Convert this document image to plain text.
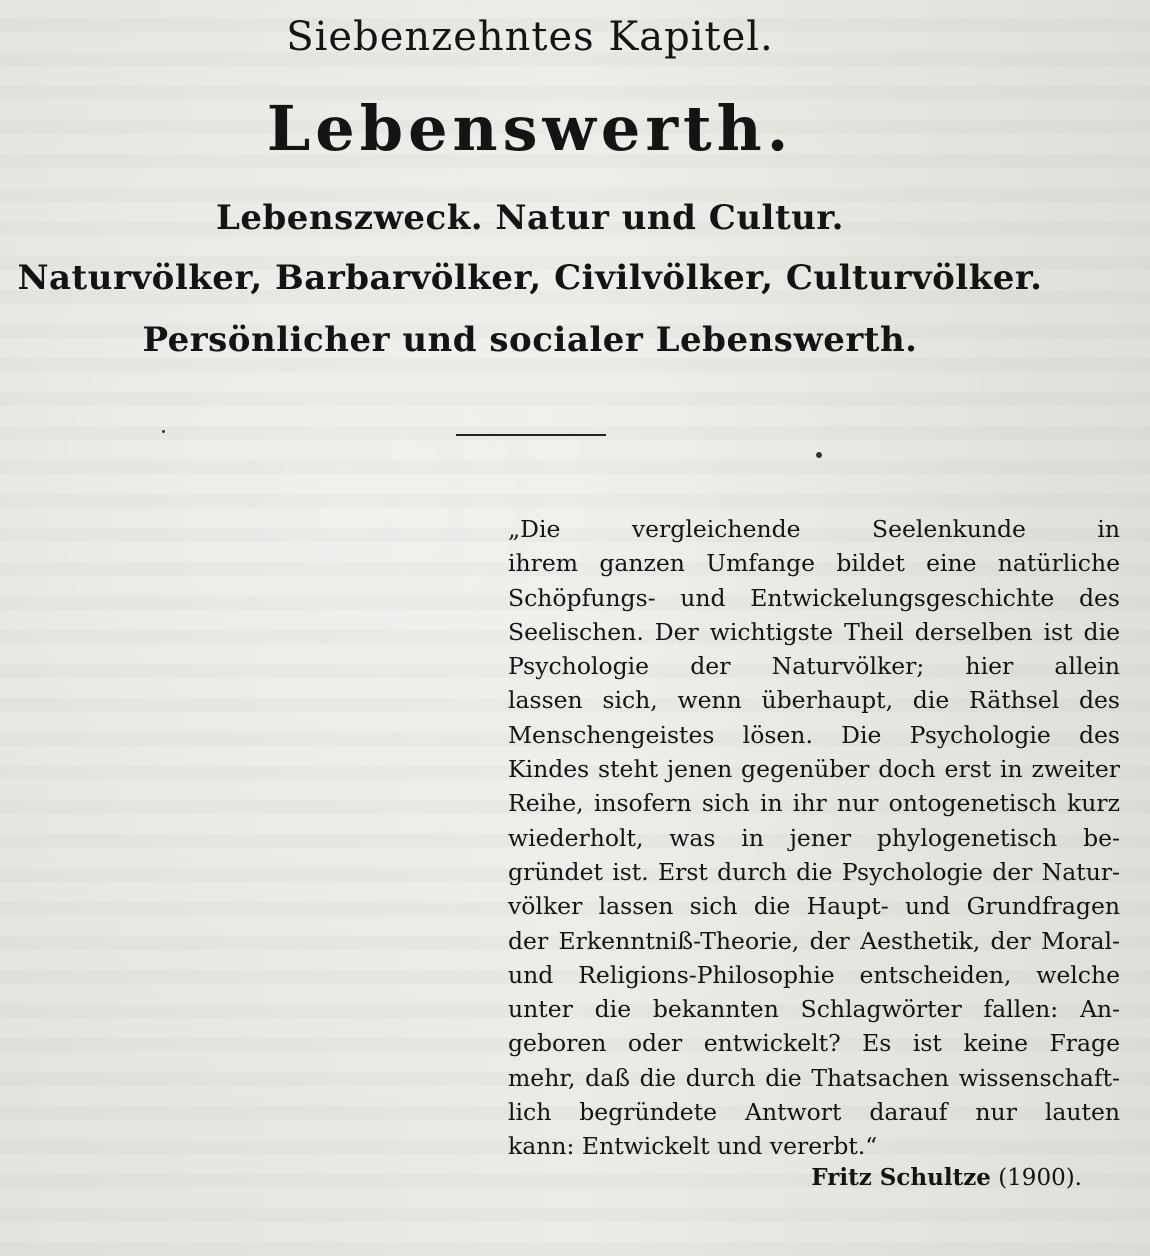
Siebenzehntes Kapitel.
Lebenswerth.
Lebenszweck. Natur und Cultur.
Naturvölker, Barbarvölker, Civilvölker, Culturvölker.
Persönlicher und socialer Lebenswerth.
„Die vergleichende Seelenkunde in
ihrem ganzen Umfange bildet eine natürliche
Schöpfungs- und Entwickelungsgeschichte des
Seelischen. Der wichtigste Theil derselben ist die
Psychologie der Naturvölker; hier allein
lassen sich, wenn überhaupt, die Räthsel des
Menschengeistes lösen. Die Psychologie des
Kindes steht jenen gegenüber doch erst in zweiter
Reihe, insofern sich in ihr nur ontogenetisch kurz
wiederholt, was in jener phylogenetisch be-
gründet ist. Erst durch die Psychologie der Natur-
völker lassen sich die Haupt- und Grundfragen
der Erkenntniß-Theorie, der Aesthetik, der Moral-
und Religions-Philosophie entscheiden, welche
unter die bekannten Schlagwörter fallen: An-
geboren oder entwickelt? Es ist keine Frage
mehr, daß die durch die Thatsachen wissenschaft-
lich begründete Antwort darauf nur lauten
kann: Entwickelt und vererbt.“
Fritz Schultze (1900).
